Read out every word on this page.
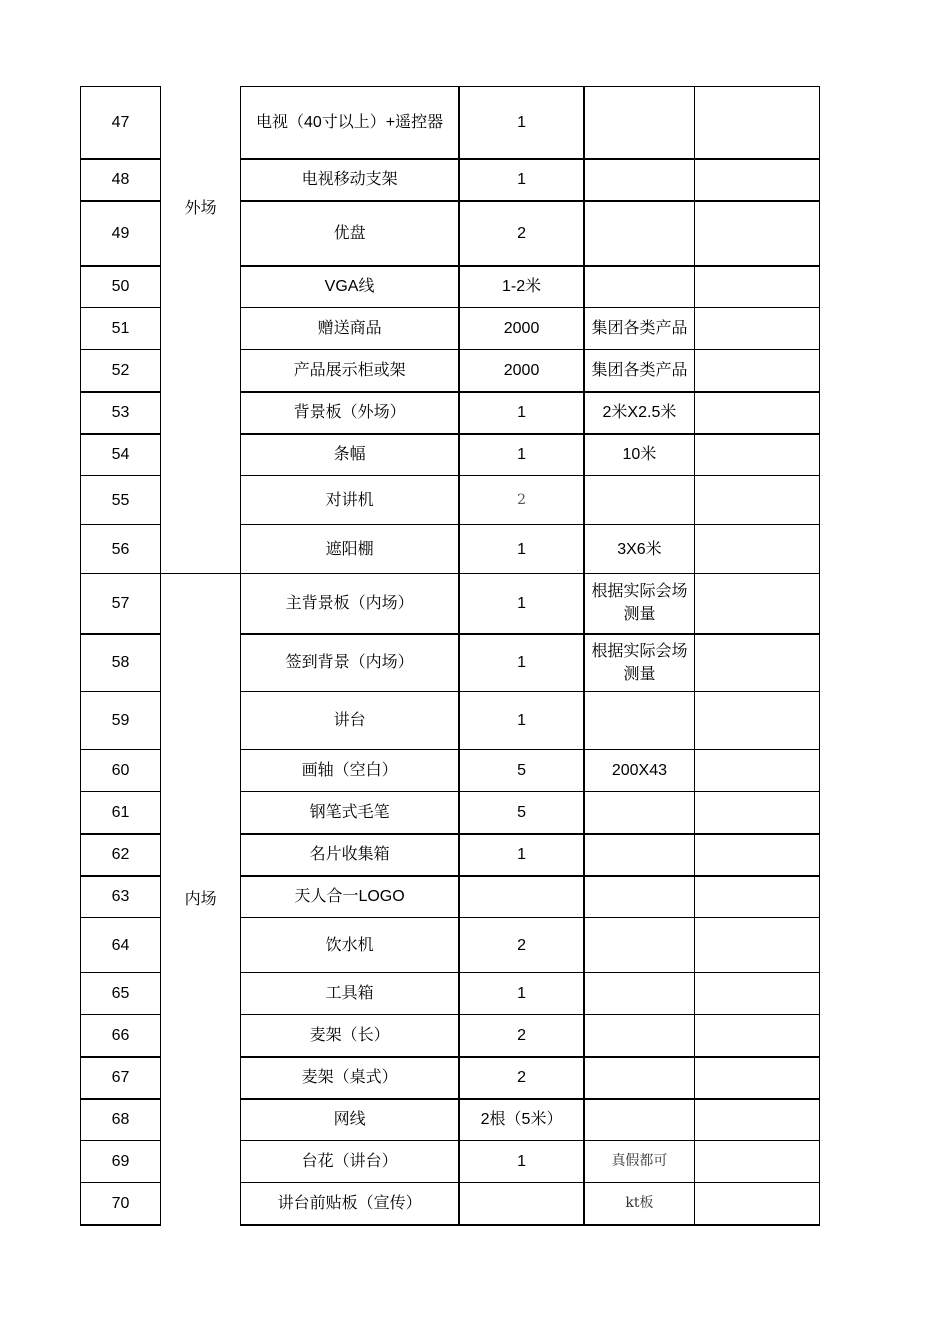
47	外场	电视（40寸以上）+遥控器	1		
48		电视移动支架	1		
49		优盘	2		
50		VGA线	1-2米		
51		赠送商品	2000	集团各类产品	
52		产品展示柜或架	2000	集团各类产品	
53		背景板（外场）	1	2米X2.5米	
54		条幅	1	10米	
55		对讲机	2		
56		遮阳棚	1	3X6米	
57	内场	主背景板（内场）	1	根据实际会场测量	
58		签到背景（内场）	1	根据实际会场测量	
59		讲台	1		
60		画轴（空白）	5	200X43	
61		钢笔式毛笔	5		
62		名片收集箱	1		
63		天人合一LOGO			
64		饮水机	2		
65		工具箱	1		
66		麦架（长）	2		
67		麦架（桌式）	2		
68		网线	2根（5米）		
69		台花（讲台）	1	真假都可	
70		讲台前贴板（宣传）		kt板	
